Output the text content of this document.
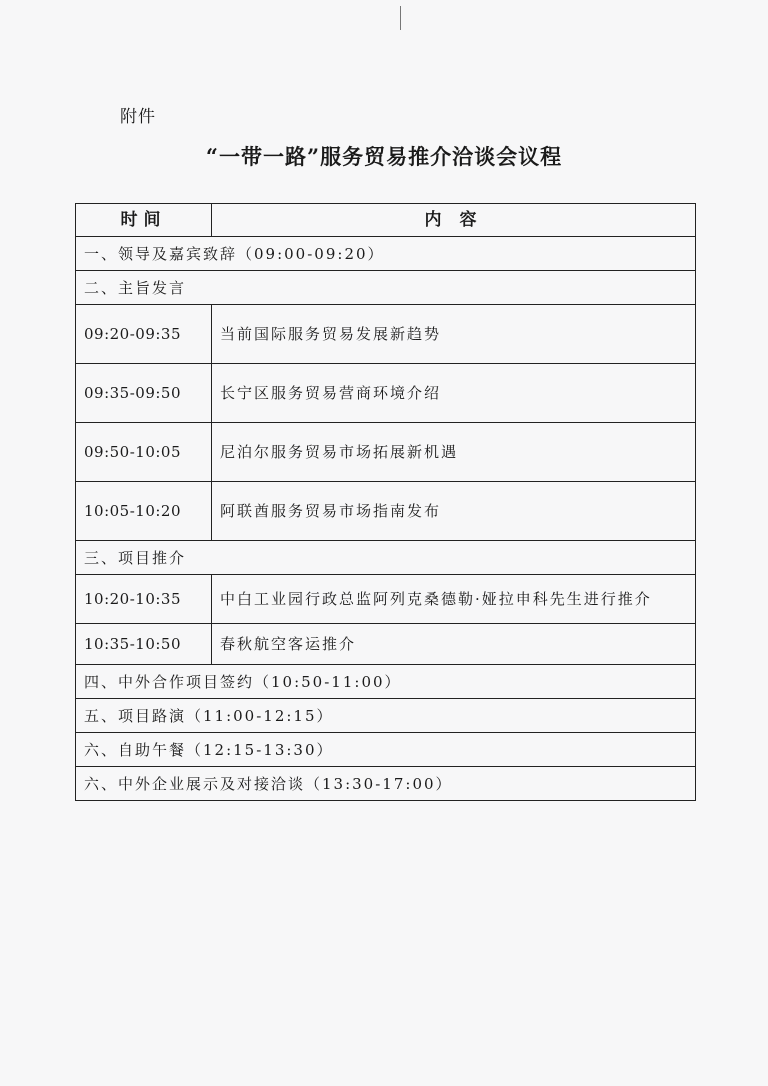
附件
“一带一路”服务贸易推介洽谈会议程
时间	内 容
一、领导及嘉宾致辞（09:00-09:20）	
二、主旨发言	
09:20-09:35	当前国际服务贸易发展新趋势
09:35-09:50	长宁区服务贸易营商环境介绍
09:50-10:05	尼泊尔服务贸易市场拓展新机遇
10:05-10:20	阿联酋服务贸易市场指南发布
三、项目推介	
10:20-10:35	中白工业园行政总监阿列克桑德勒·娅拉申科先生进行推介
10:35-10:50	春秋航空客运推介
四、中外合作项目签约（10:50-11:00）	
五、项目路演（11:00-12:15）	
六、自助午餐（12:15-13:30）	
六、中外企业展示及对接洽谈（13:30-17:00）	
